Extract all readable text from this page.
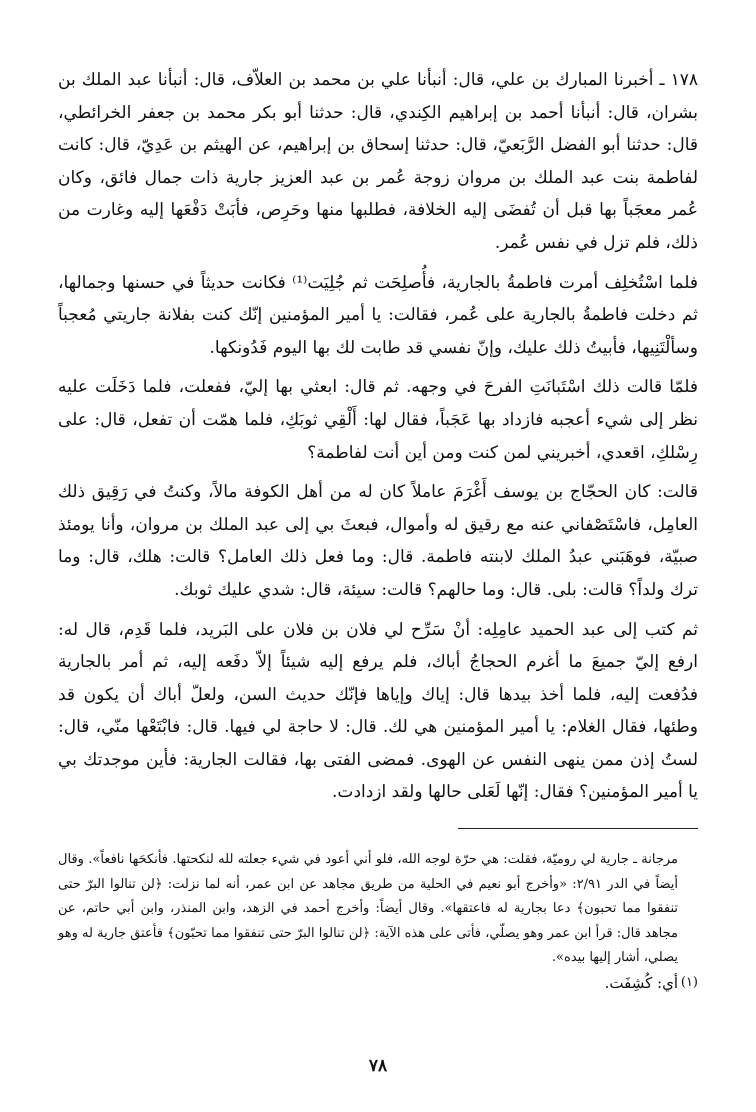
١٧٨ ـ أخبرنا المبارك بن علي، قال: أنبأنا علي بن محمد بن العلاّف، قال: أنبأنا عبد الملك بن بشران، قال: أنبأنا أحمد بن إبراهيم الكِندي، قال: حدثنا أبو بكر محمد بن جعفر الخرائطي، قال: حدثنا أبو الفضل الرَّبَعيّ، قال: حدثنا إسحاق بن إبراهيم، عن الهيثم بن عَدِيّ، قال: كانت لفاطمة بنت عبد الملك بن مروان زوجة عُمر بن عبد العزيز جارية ذات جمال فائق، وكان عُمر معجَباً بها قبل أن تُفضَى إليه الخلافة، فطلبها منها وحَرِص، فأبَتْ دَفْعَها إليه وغارت من ذلك، فلم تزل في نفس عُمر.

فلما اسْتُخلِف أمرت فاطمةُ بالجارية، فأُصلِحَت ثم جُلِيَت⁽¹⁾ فكانت حديثاً في حسنها وجمالها، ثم دخلت فاطمةُ بالجارية على عُمر، فقالت: يا أمير المؤمنين إنّك كنت بفلانة جاريتي مُعجباً وسألْتَنِيها، فأبيتُ ذلك عليك، وإنّ نفسي قد طابت لك بها اليوم فَدُونكها.

فلمّا قالت ذلك اسْتَبانَتِ الفرحَ في وجهه. ثم قال: ابعثي بها إليّ، ففعلت، فلما دَخَلَت عليه نظر إلى شيء أعجبه فازداد بها عَجَباً، فقال لها: أَلْقِي ثوبَكِ، فلما همّت أن تفعل، قال: على رِسْلكِ، اقعدي، أخبريني لمن كنت ومن أين أنت لفاطمة؟

قالت: كان الحجّاج بن يوسف أَغْرَمَ عاملاً كان له من أهل الكوفة مالاً، وكنتُ في رَقِيق ذلك العامِل، فاسْتَصْفاني عنه مع رقيق له وأموال، فبعثَ بي إلى عبد الملك بن مروان، وأنا يومئذ صبيّة، فوهَبَني عبدُ الملك لابنته فاطمة. قال: وما فعل ذلك العامل؟ قالت: هلك، قال: وما ترك ولداً؟ قالت: بلى. قال: وما حالهم؟ قالت: سيئة، قال: شدي عليك ثوبك.

ثم كتب إلى عبد الحميد عامِلِه: أنْ سَرِّح لي فلان بن فلان على البَريد، فلما قَدِم، قال له: ارفع إليّ جميعَ ما أغرم الحجاجُ أباك، فلم يرفع إليه شيئاً إلاّ دفَعه إليه، ثم أمر بالجارية فدُفعت إليه، فلما أخذ بيدها قال: إياك وإياها فإنّك حديث السن، ولعلّ أباك أن يكون قد وطئها، فقال الغلام: يا أمير المؤمنين هي لك. قال: لا حاجة لي فيها. قال: فابْتَعْها منّي، قال: لستُ إذن ممن ينهى النفس عن الهوى. فمضى الفتى بها، فقالت الجارية: فأين موجدتك بي يا أمير المؤمنين؟ فقال: إنّها لَعَلى حالها ولقد ازدادت.

مرجانة ـ جارية لي روميّة، فقلت: هي حرّة لوجه الله، فلو أني أعود في شيء جعلته لله لنكحتها. فأنكحَها نافعاً». وقال أيضاً في الدر ٢/٩١: «وأخرج أبو نعيم في الحلية من طريق مجاهد عن ابن عمر، أنه لما نزلت: ﴿لن تنالوا البرّ حتى تنفقوا مما تحبون﴾ دعا بجارية له فاعتقها». وقال أيضاً: وأخرج أحمد في الزهد، وابن المنذر، وابن أبي حاتم، عن مجاهد قال: قرأ ابن عمر وهو يصلّي، فأتى على هذه الآية: ﴿لن تنالوا البرّ حتى تنفقوا مما تحبّون﴾ فأعتق جارية له وهو يصلي، أشار إليها بيده».

(١)
أي: كُشِفَت.
٧٨
